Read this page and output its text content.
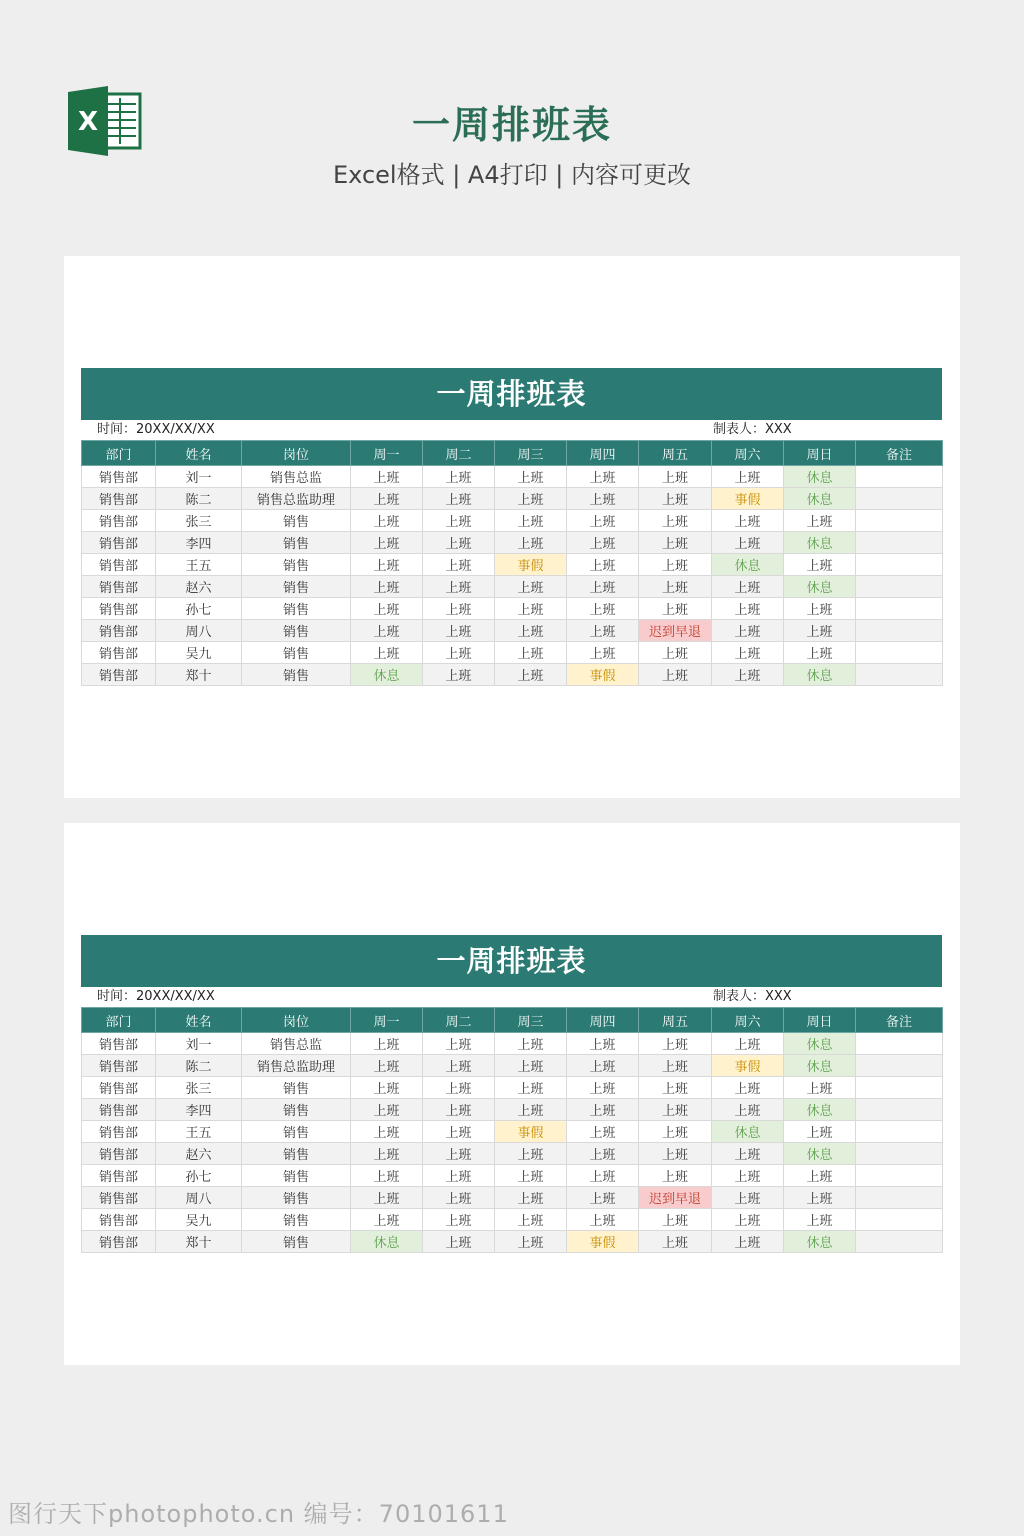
X	一周排班表
Excel格式 | A4打印 | 内容可更改
一周排班表
时间：20XX/XX/XX	制表人：XXX
部门	姓名	岗位	周一	周二	周三	周四	周五	周六	周日	备注
销售部	刘一	销售总监	上班	上班	上班	上班	上班	上班	休息	
销售部	陈二	销售总监助理	上班	上班	上班	上班	上班	事假	休息	
销售部	张三	销售	上班	上班	上班	上班	上班	上班	上班	
销售部	李四	销售	上班	上班	上班	上班	上班	上班	休息	
销售部	王五	销售	上班	上班	事假	上班	上班	休息	上班	
销售部	赵六	销售	上班	上班	上班	上班	上班	上班	休息	
销售部	孙七	销售	上班	上班	上班	上班	上班	上班	上班	
销售部	周八	销售	上班	上班	上班	上班	迟到早退	上班	上班	
销售部	吴九	销售	上班	上班	上班	上班	上班	上班	上班	
销售部	郑十	销售	休息	上班	上班	事假	上班	上班	休息	
一周排班表
时间：20XX/XX/XX	制表人：XXX
部门	姓名	岗位	周一	周二	周三	周四	周五	周六	周日	备注
销售部	刘一	销售总监	上班	上班	上班	上班	上班	上班	休息	
销售部	陈二	销售总监助理	上班	上班	上班	上班	上班	事假	休息	
销售部	张三	销售	上班	上班	上班	上班	上班	上班	上班	
销售部	李四	销售	上班	上班	上班	上班	上班	上班	休息	
销售部	王五	销售	上班	上班	事假	上班	上班	休息	上班	
销售部	赵六	销售	上班	上班	上班	上班	上班	上班	休息	
销售部	孙七	销售	上班	上班	上班	上班	上班	上班	上班	
销售部	周八	销售	上班	上班	上班	上班	迟到早退	上班	上班	
销售部	吴九	销售	上班	上班	上班	上班	上班	上班	上班	
销售部	郑十	销售	休息	上班	上班	事假	上班	上班	休息	
图行天下photophoto.cn 编号：70101611
